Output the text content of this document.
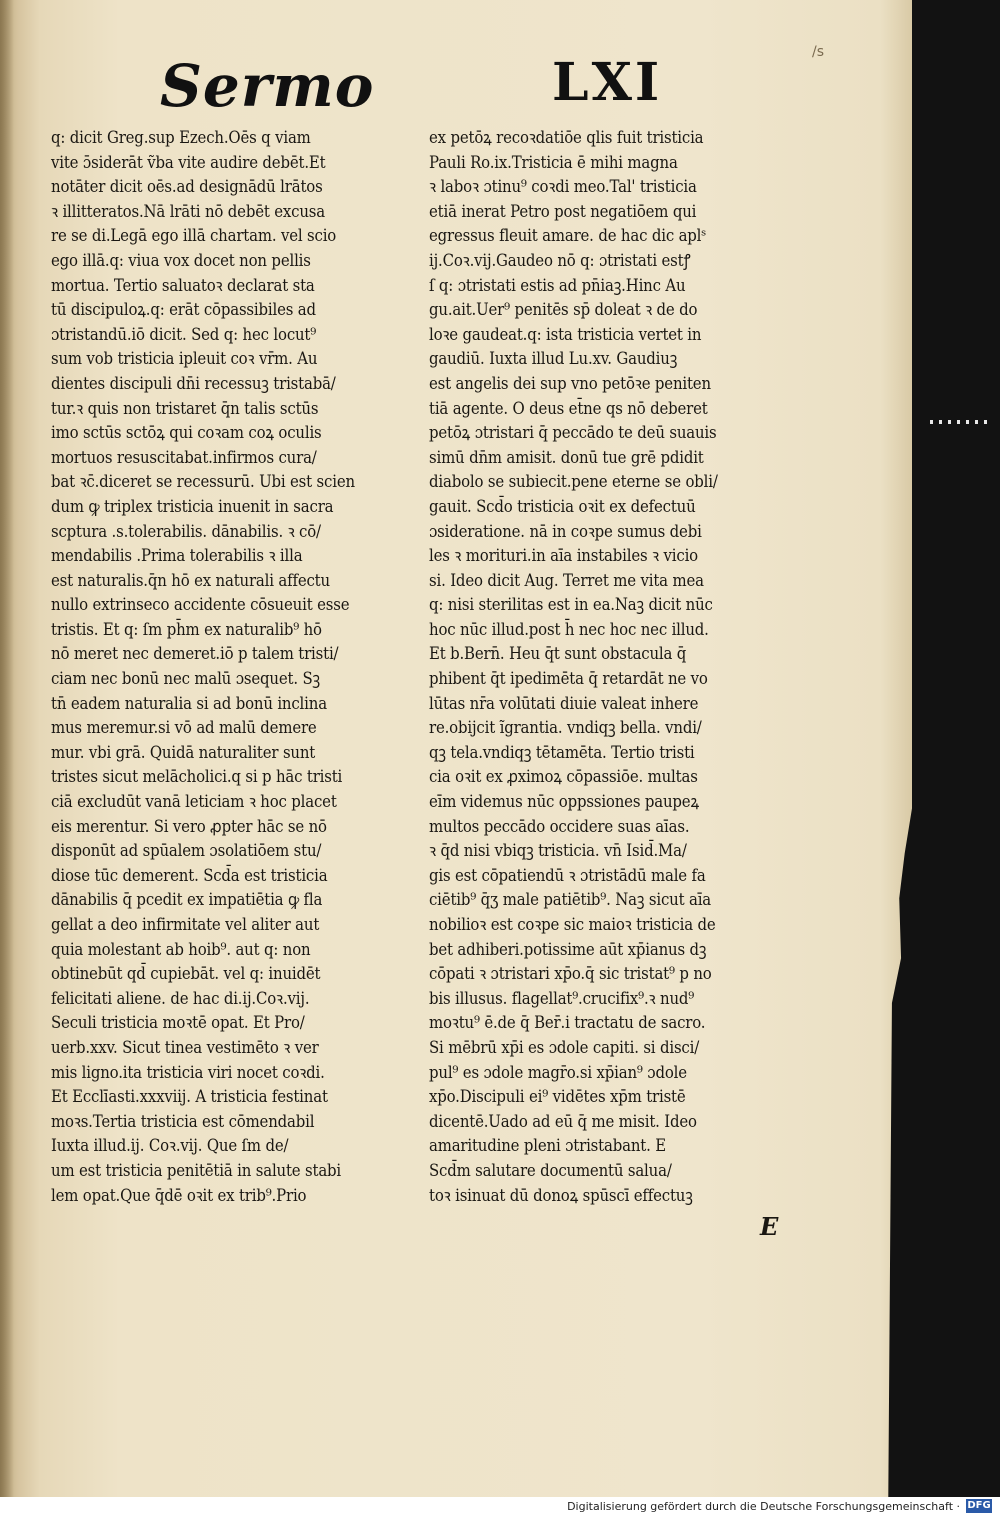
Sermo	LXI	/s
q: dicit Greg.sup Ezech.Oēs q viam
vite ɔ̄siderāt ṽba vite audire debēt.Et
notāter dicit oēs.ad designādū lrātos
ꝛ illitteratos.Nā lrāti nō debēt excusa
re se di.Legā ego illā chartam. vel scio
ego illā.q: viua vox docet non pellis
mortua. Tertio saluatoꝛ declarat sta
tū discipuloꝝ.q: erāt cōpassibiles ad
ɔtristandū.iō dicit. Sed q: hec locut⁹
sum vob tristicia ipleuit coꝛ vr̄m. Au
dientes discipuli dn̄i recessuꝫ tristabā/
tur.ꝛ quis non tristaret q̄n talis sctūs
imo sctūs sctōꝝ qui coꝛam coꝝ oculis
mortuos resuscitabat.infirmos cura/
bat ꝛc̄.diceret se recessurū. Ubi est scien
dum ꝙ triplex tristicia inuenit in sacra
scptura .s.tolerabilis. dānabilis. ꝛ cō/
mendabilis .Prima tolerabilis ꝛ illa
est naturalis.q̄n hō ex naturali affectu
nullo extrinseco accidente cōsueuit esse
tristis. Et q: ſm ph̄m ex naturalib⁹ hō
nō meret nec demeret.iō p talem tristi/
ciam nec bonū nec malū ɔsequet. Sꝫ
tn̄ eadem naturalia si ad bonū inclina
mus meremur.si vō ad malū demere
mur. vbi grā. Quidā naturaliter sunt
tristes sicut melācholici.q si p hāc tristi
ciā excludūt vanā leticiam ꝛ hoc placet
eis merentur. Si vero ꝓpter hāc se nō
disponūt ad spūalem ɔsolatiōem stu/
diose tūc demerent. Scd̄a est tristicia
dānabilis q̄ pcedit ex impatiētia ꝙ fla
gellat a deo infirmitate vel aliter aut
quia molestant ab hoib⁹. aut q: non
obtinebūt qd̄ cupiebāt. vel q: inuidēt
felicitati aliene. de hac di.ij.Coꝛ.vij.
Seculi tristicia moꝛtē opat. Et Pro/
uerb.xxv. Sicut tinea vestimēto ꝛ ver
mis ligno.ita tristicia viri nocet coꝛdi.
Et Ecclīasti.xxxviij. A tristicia festinat
moꝛs.Tertia tristicia est cōmendabil
Iuxta illud.ij. Coꝛ.vij. Que ſm de/
um est tristicia penitētiā in salute stabi
lem opat.Que q̄dē oꝛit ex trib⁹.Prio
ex petōꝝ recoꝛdatiōe qlis fuit tristicia
Pauli Ro.ix.Tristicia ē mihi magna
ꝛ laboꝛ ɔtinu⁹ coꝛdi meo.Tal' tristicia
etiā inerat Petro post negatiōem qui
egressus fleuit amare. de hac dic aplˢ
ij.Coꝛ.vij.Gaudeo nō q: ɔtristati estꝭ
ſ q: ɔtristati estis ad pn̄iaꝫ.Hinc Au
gu.ait.Uer⁹ penitēs sp̄ doleat ꝛ de do
loꝛe gaudeat.q: ista tristicia vertet in
gaudiū. Iuxta illud Lu.xv. Gaudiuꝫ
est angelis dei sup vno petōꝛe peniten
tiā agente. O deus et̄ne qs nō deberet
petōꝝ ɔtristari q̄ peccādo te deū suauis
simū dn̄m amisit. donū tue grē pdidit
diabolo se subiecit.pene eterne se obli/
gauit. Scd̄o tristicia oꝛit ex defectuū
ɔsideratione. nā in coꝛpe sumus debi
les ꝛ morituri.in aīa instabiles ꝛ vicio
si. Ideo dicit Aug. Terret me vita mea
q: nisi sterilitas est in ea.Naꝫ dicit nūc
hoc nūc illud.post h̄ nec hoc nec illud.
Et b.Bern̄. Heu q̄t sunt obstacula q̄
phibent q̄t ipedimēta q̄ retardāt ne vo
lūtas nr̄a volūtati diuie valeat inhere
re.obijcit ĩgrantia. vndiqꝫ bella. vndi/
qꝫ tela.vndiqꝫ tētamēta. Tertio tristi
cia oꝛit ex ꝓximoꝝ cōpassiōe. multas
eīm videmus nūc oppssiones paupeꝝ
multos peccādo occidere suas aīas.
ꝛ q̄d nisi vbiqꝫ tristicia. vn̄ Isid̄.Ma/
gis est cōpatiendū ꝛ ɔtristādū male fa
ciētib⁹ q̄ʒ male patiētib⁹. Naꝫ sicut aīa
nobilioꝛ est coꝛpe sic maioꝛ tristicia de
bet adhiberi.potissime aūt xp̄ianus dꝫ
cōpati ꝛ ɔtristari xp̄o.q̄ sic tristat⁹ p no
bis illusus. flagellat⁹.crucifix⁹.ꝛ nud⁹
moꝛtu⁹ ē.de q̄ Ber̄.i tractatu de sacro.
Si mēbrū xp̄i es ɔdole capiti. si disci/
pul⁹ es ɔdole magr̄o.si xp̄ian⁹ ɔdole
xp̄o.Discipuli ei⁹ vidētes xp̄m tristē
dicentē.Uado ad eū q̄ me misit. Ideo
amaritudine pleni ɔtristabant. E
Scd̄m salutare documentū salua/
toꝛ isinuat dū donoꝝ spūscī effectuꝫ
E
Digitalisierung gefördert durch die Deutsche Forschungsgemeinschaft · DFG
